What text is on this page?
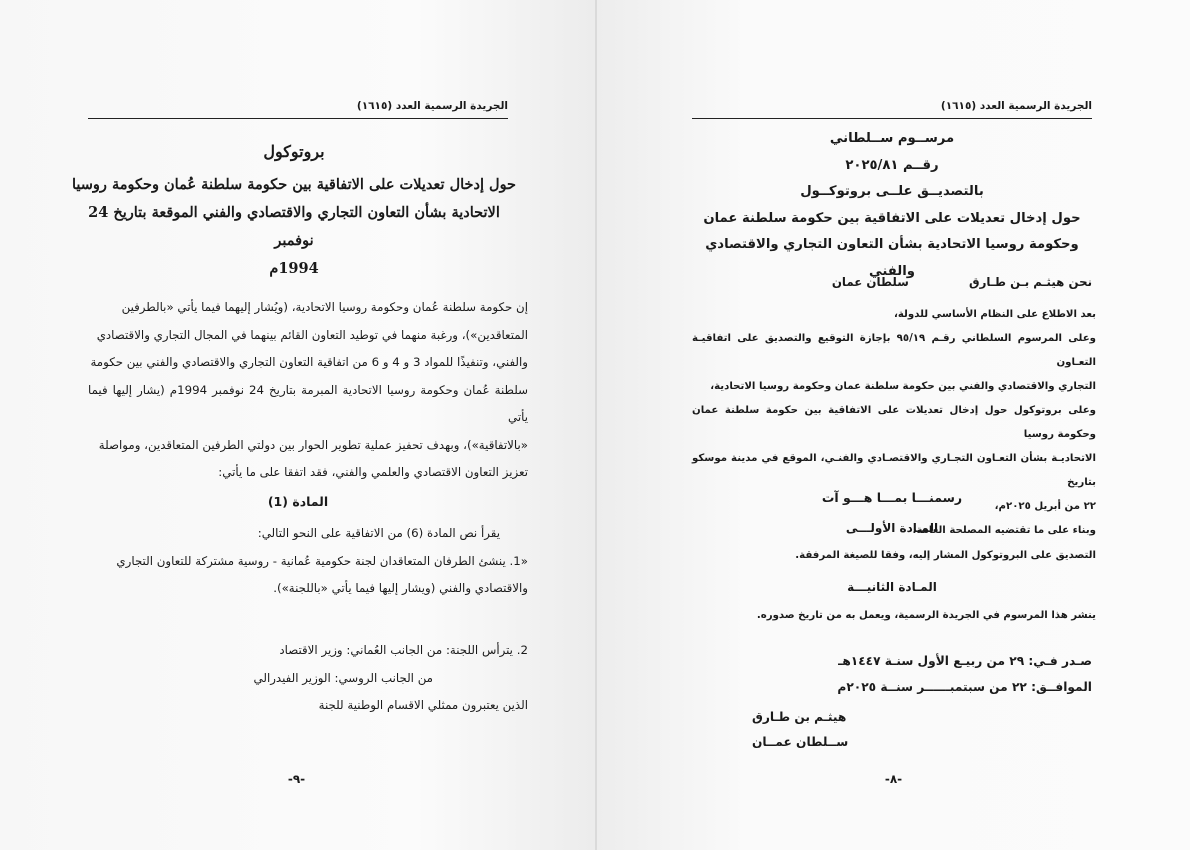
الجريدة الرسمية العدد (١٦١٥)
بروتوكول
حول إدخال تعديلات على الاتفاقية بين حكومة سلطنة عُمان وحكومة روسيا
الاتحادية بشأن التعاون التجاري والاقتصادي والفني الموقعة بتاريخ 24 نوفمبر
1994م
إن حكومة سلطنة عُمان وحكومة روسيا الاتحادية، (ويُشار إليهما فيما يأتي «بالطرفين
المتعاقدين»)، ورغبة منهما في توطيد التعاون القائم بينهما في المجال التجاري والاقتصادي
والفني، وتنفيذًا للمواد 3 و 4 و 6 من اتفاقية التعاون التجاري والاقتصادي والفني بين حكومة
سلطنة عُمان وحكومة روسيا الاتحادية المبرمة بتاريخ 24 نوفمبر 1994م (يشار إليها فيما يأتي
«بالاتفاقية»)، وبهدف تحفيز عملية تطوير الحوار بين دولتي الطرفين المتعاقدين، ومواصلة
تعزيز التعاون الاقتصادي والعلمي والفني، فقد اتفقا على ما يأتي:
المادة (1)
يقرأ نص المادة (6) من الاتفاقية على النحو التالي:
«1. ينشئ الطرفان المتعاقدان لجنة حكومية عُمانية - روسية مشتركة للتعاون التجاري
والاقتصادي والفني (ويشار إليها فيما يأتي «باللجنة»).
2. يترأس اللجنة: من الجانب العُماني: وزير الاقتصاد
من الجانب الروسي: الوزير الفيدرالي
الذين يعتبرون ممثلي الاقسام الوطنية للجنة
-٩-
الجريدة الرسمية العدد (١٦١٥)
مرســوم ســلطاني
رقــم ٢٠٢٥/٨١
بالتصديــق علــى بروتوكــول
حول إدخال تعديلات على الاتفاقية بين حكومة سلطنة عمان
وحكومة روسيا الاتحادية بشأن التعاون التجاري والاقتصادي والفني
نحن هيثـم بـن طـارق  سلطان عمان
بعد الاطلاع على النظام الأساسي للدولة،
وعلى المرسوم السلطاني رقـم ٩٥/١٩ بإجازة التوقيع والتصديق على اتفاقيـة التعـاون
التجاري والاقتصادي والفني بين حكومة سلطنة عمان وحكومة روسيا الاتحادية،
وعلى بروتوكول حول إدخال تعديلات على الاتفاقية بين حكومة سلطنة عمان وحكومة روسيا
الاتحاديـة بشأن التعـاون التجـاري والاقتصـادي والفنـي، الموقع في مدينة موسكو بتاريخ
٢٢ من أبريل ٢٠٢٥م،
وبناء على ما تقتضيه المصلحة العامة،
رسمنـــا بمـــا هـــو آت
المـادة الأولـــى
التصديق على البروتوكول المشار إليه، وفقا للصيغة المرفقة.
المـادة الثانيـــة
ينشر هذا المرسوم في الجريدة الرسمية، ويعمل به من تاريخ صدوره.
صـدر فـي: ٢٩ من ربيـع الأول سنـة ١٤٤٧هـ
الموافــق: ٢٢ من سبتمبــــــر سنــة ٢٠٢٥م
هيثـم بن طـارق
ســلطان عمــان
-٨-
